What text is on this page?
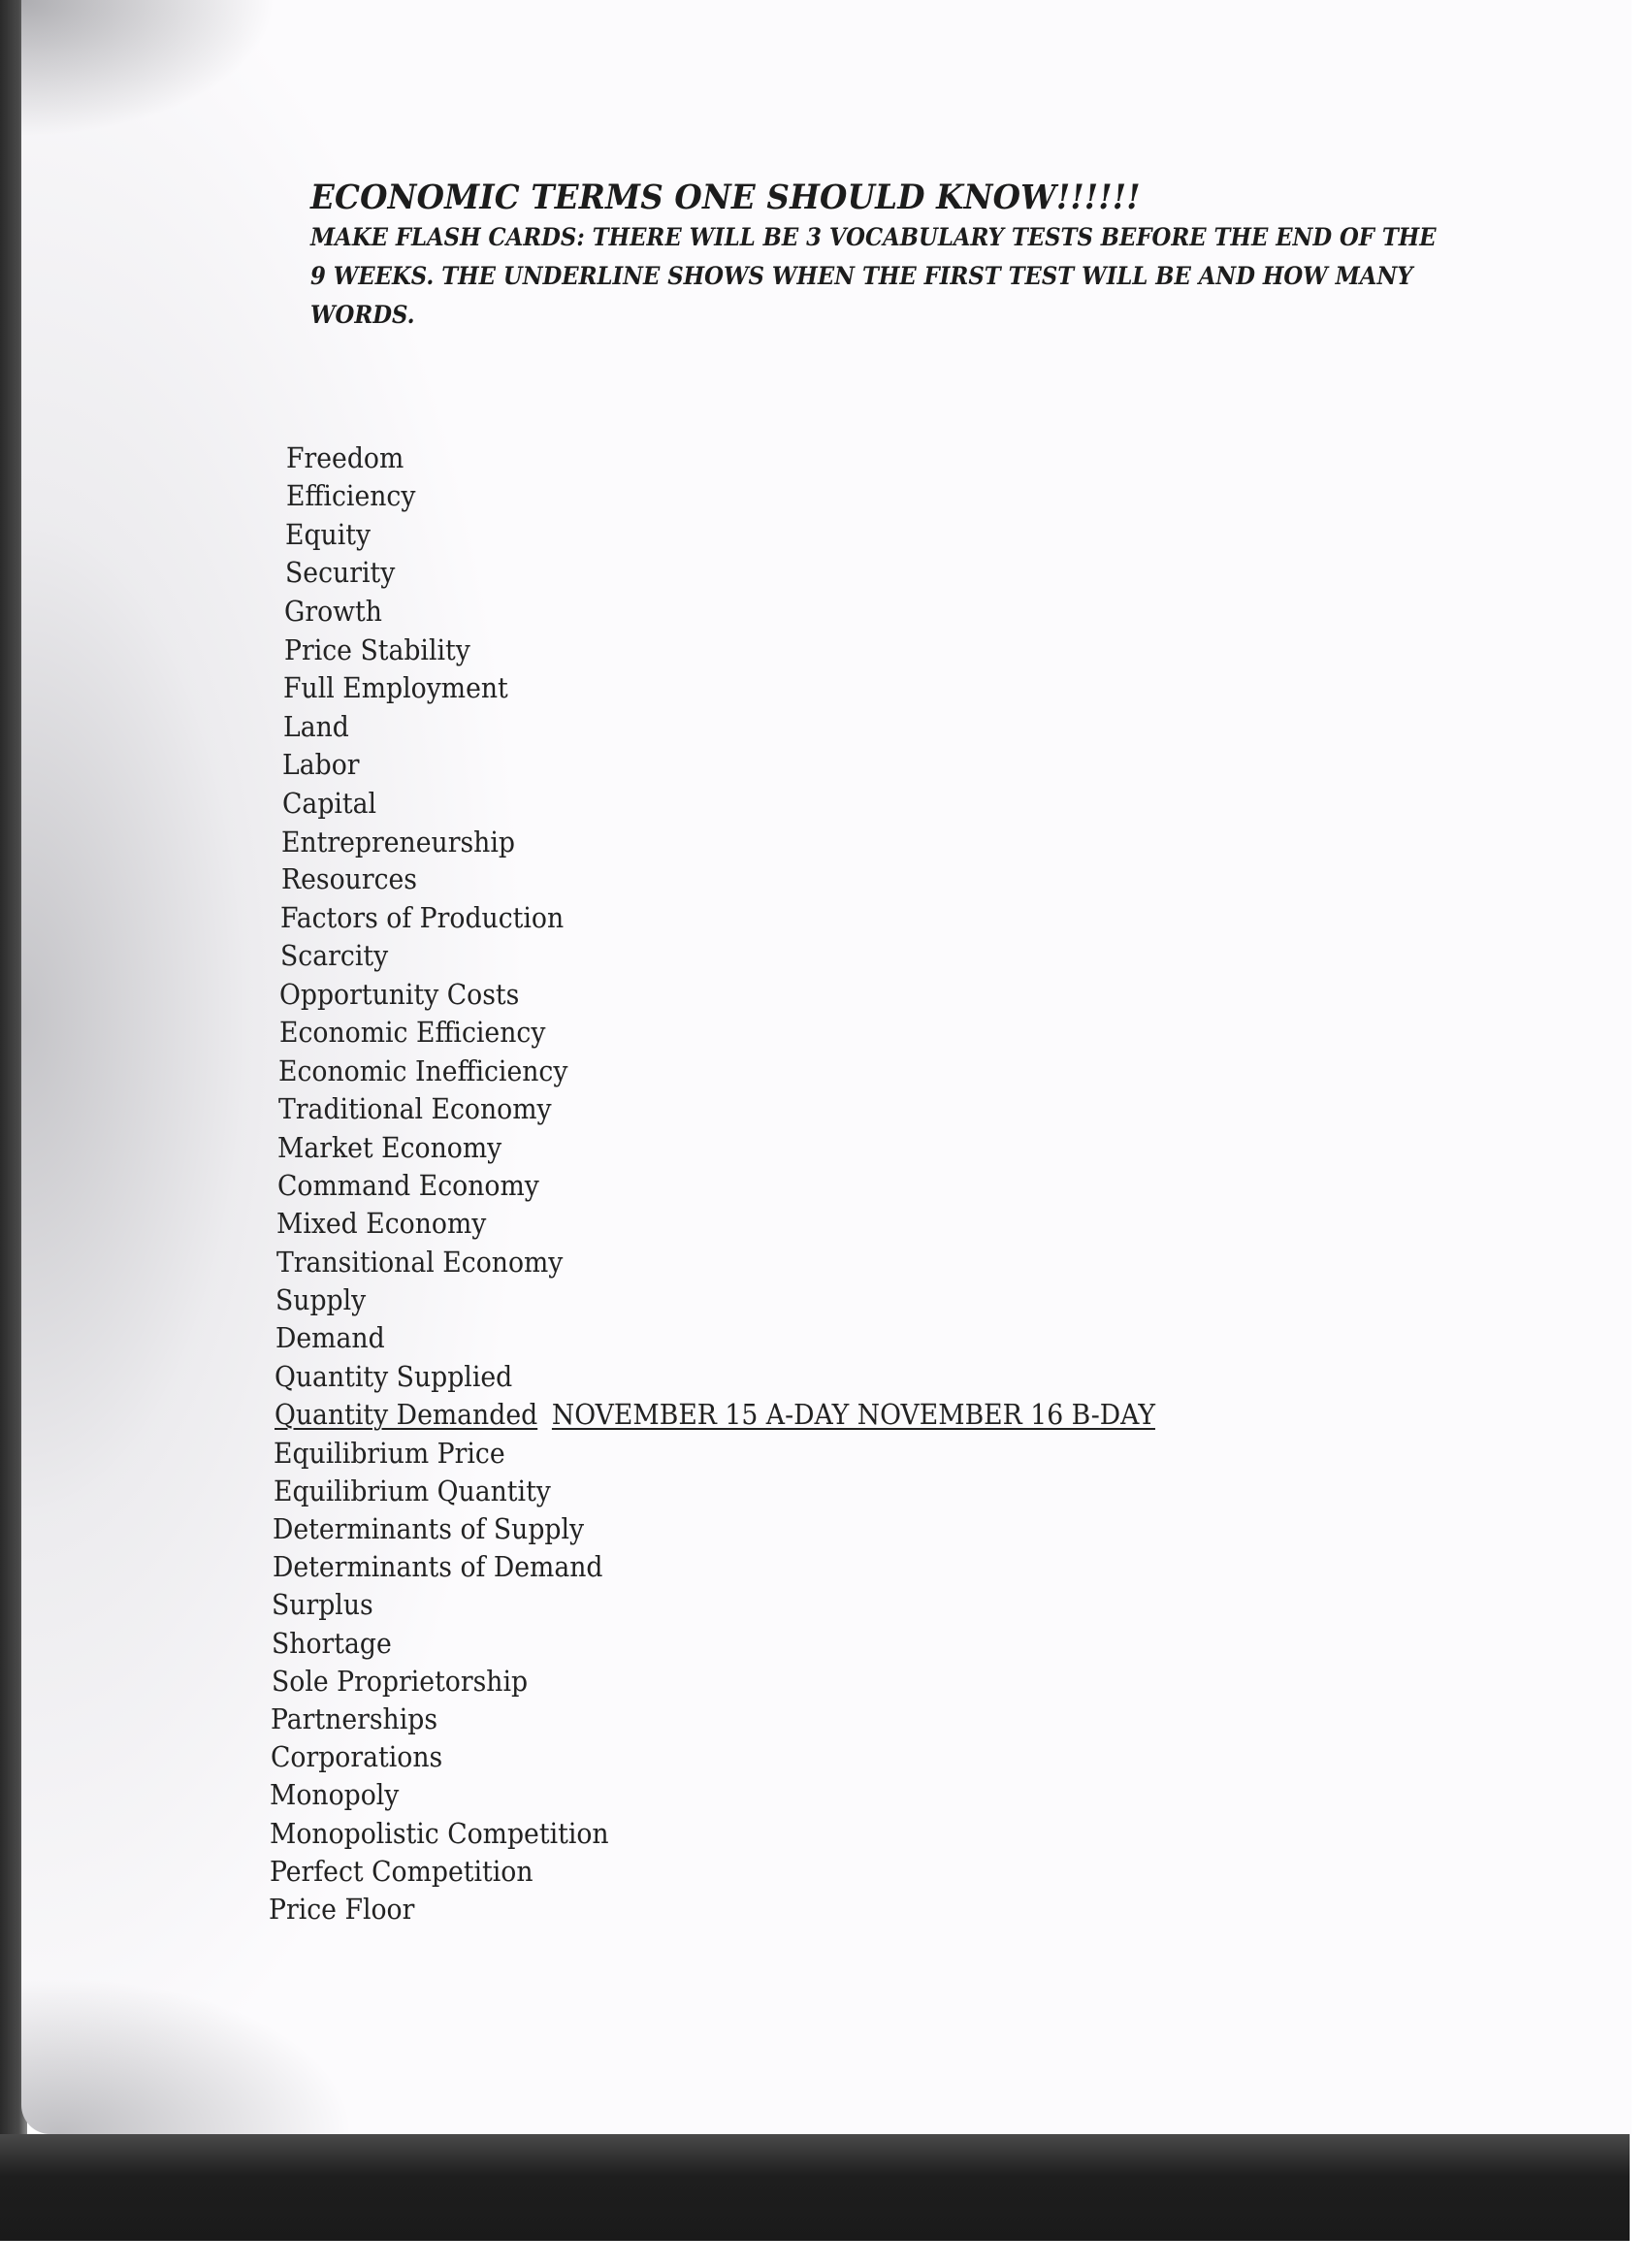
ECONOMIC TERMS ONE SHOULD KNOW!!!!!!
MAKE FLASH CARDS: THERE WILL BE 3 VOCABULARY TESTS BEFORE THE END OF THE 9 WEEKS. THE UNDERLINE SHOWS WHEN THE FIRST TEST WILL BE AND HOW MANY WORDS.
Freedom
Efficiency
Equity
Security
Growth
Price Stability
Full Employment
Land
Labor
Capital
Entrepreneurship
Resources
Factors of Production
Scarcity
Opportunity Costs
Economic Efficiency
Economic Inefficiency
Traditional Economy
Market Economy
Command Economy
Mixed Economy
Transitional Economy
Supply
Demand
Quantity Supplied
Quantity Demanded NOVEMBER 15 A-DAY NOVEMBER 16 B-DAY
Equilibrium Price
Equilibrium Quantity
Determinants of Supply
Determinants of Demand
Surplus
Shortage
Sole Proprietorship
Partnerships
Corporations
Monopoly
Monopolistic Competition
Perfect Competition
Price Floor
